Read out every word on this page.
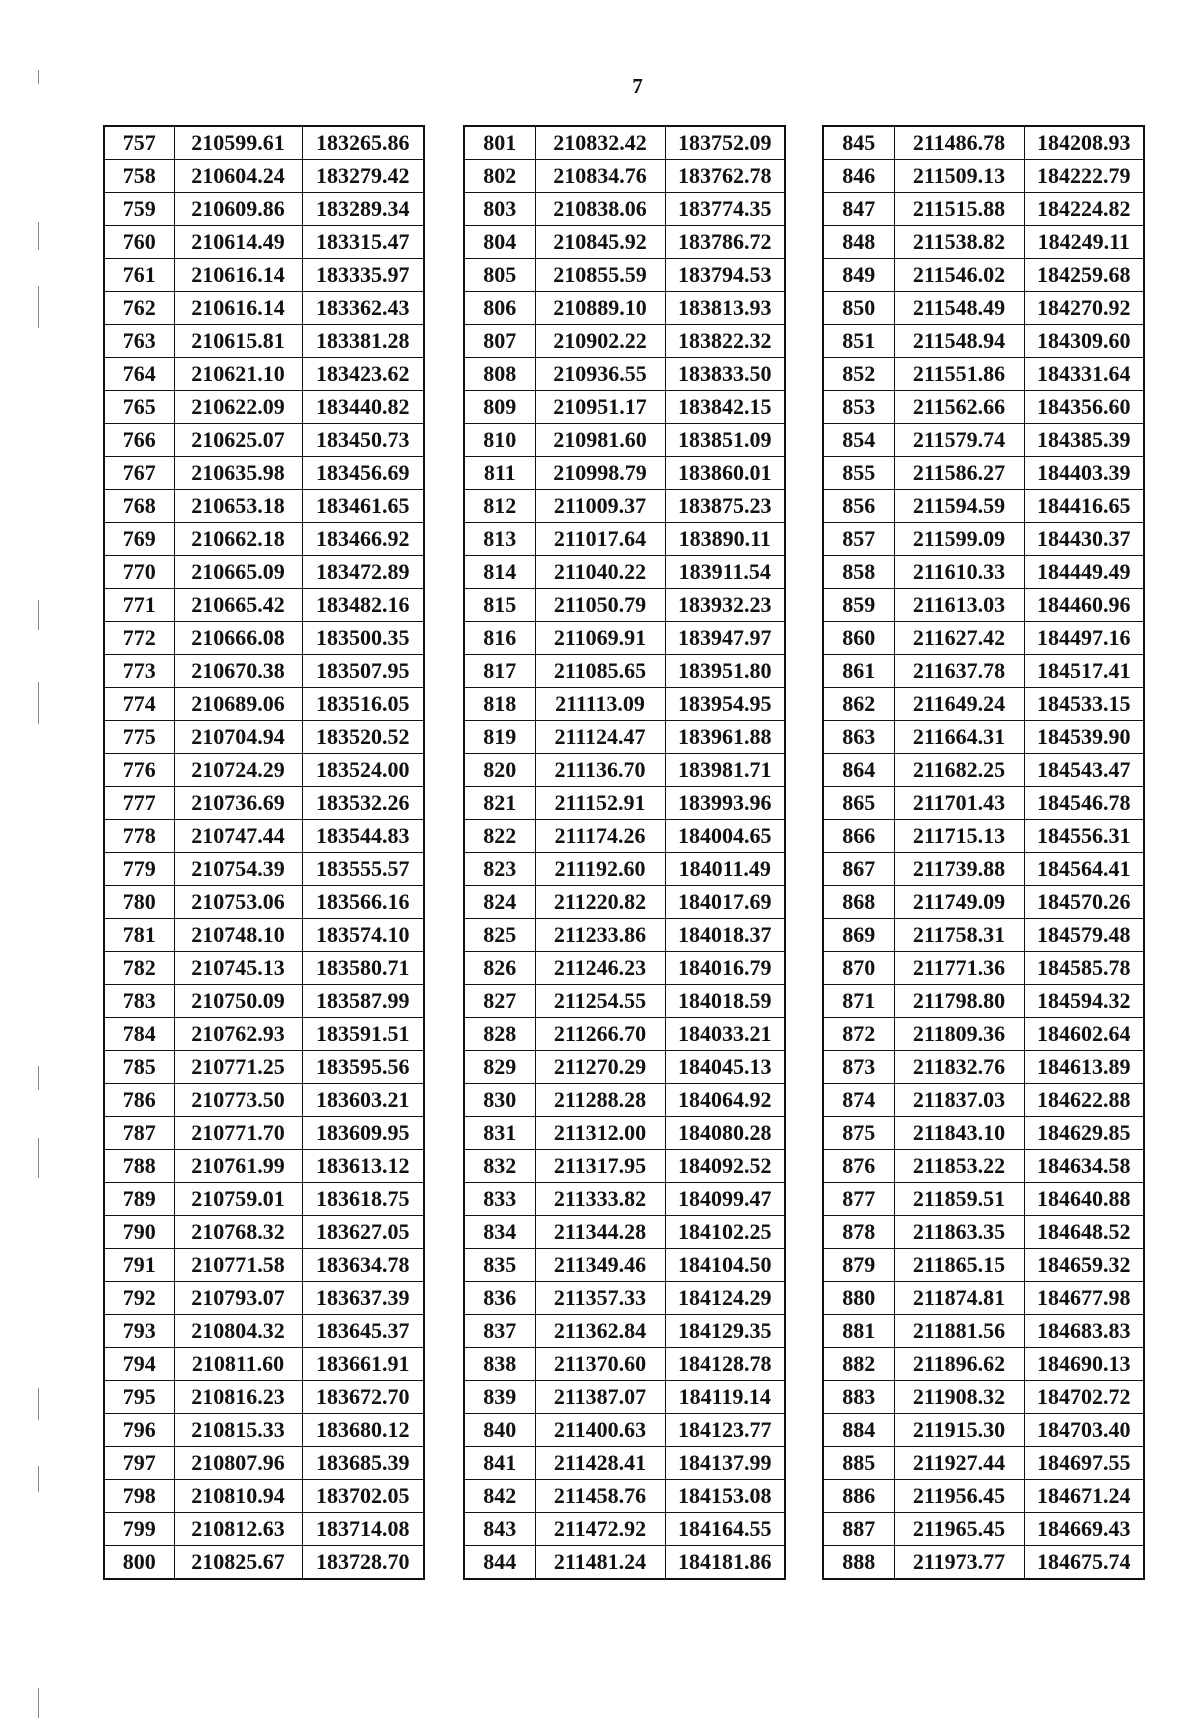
7
757	210599.61	183265.86
758	210604.24	183279.42
759	210609.86	183289.34
760	210614.49	183315.47
761	210616.14	183335.97
762	210616.14	183362.43
763	210615.81	183381.28
764	210621.10	183423.62
765	210622.09	183440.82
766	210625.07	183450.73
767	210635.98	183456.69
768	210653.18	183461.65
769	210662.18	183466.92
770	210665.09	183472.89
771	210665.42	183482.16
772	210666.08	183500.35
773	210670.38	183507.95
774	210689.06	183516.05
775	210704.94	183520.52
776	210724.29	183524.00
777	210736.69	183532.26
778	210747.44	183544.83
779	210754.39	183555.57
780	210753.06	183566.16
781	210748.10	183574.10
782	210745.13	183580.71
783	210750.09	183587.99
784	210762.93	183591.51
785	210771.25	183595.56
786	210773.50	183603.21
787	210771.70	183609.95
788	210761.99	183613.12
789	210759.01	183618.75
790	210768.32	183627.05
791	210771.58	183634.78
792	210793.07	183637.39
793	210804.32	183645.37
794	210811.60	183661.91
795	210816.23	183672.70
796	210815.33	183680.12
797	210807.96	183685.39
798	210810.94	183702.05
799	210812.63	183714.08
800	210825.67	183728.70
801	210832.42	183752.09
802	210834.76	183762.78
803	210838.06	183774.35
804	210845.92	183786.72
805	210855.59	183794.53
806	210889.10	183813.93
807	210902.22	183822.32
808	210936.55	183833.50
809	210951.17	183842.15
810	210981.60	183851.09
811	210998.79	183860.01
812	211009.37	183875.23
813	211017.64	183890.11
814	211040.22	183911.54
815	211050.79	183932.23
816	211069.91	183947.97
817	211085.65	183951.80
818	211113.09	183954.95
819	211124.47	183961.88
820	211136.70	183981.71
821	211152.91	183993.96
822	211174.26	184004.65
823	211192.60	184011.49
824	211220.82	184017.69
825	211233.86	184018.37
826	211246.23	184016.79
827	211254.55	184018.59
828	211266.70	184033.21
829	211270.29	184045.13
830	211288.28	184064.92
831	211312.00	184080.28
832	211317.95	184092.52
833	211333.82	184099.47
834	211344.28	184102.25
835	211349.46	184104.50
836	211357.33	184124.29
837	211362.84	184129.35
838	211370.60	184128.78
839	211387.07	184119.14
840	211400.63	184123.77
841	211428.41	184137.99
842	211458.76	184153.08
843	211472.92	184164.55
844	211481.24	184181.86
845	211486.78	184208.93
846	211509.13	184222.79
847	211515.88	184224.82
848	211538.82	184249.11
849	211546.02	184259.68
850	211548.49	184270.92
851	211548.94	184309.60
852	211551.86	184331.64
853	211562.66	184356.60
854	211579.74	184385.39
855	211586.27	184403.39
856	211594.59	184416.65
857	211599.09	184430.37
858	211610.33	184449.49
859	211613.03	184460.96
860	211627.42	184497.16
861	211637.78	184517.41
862	211649.24	184533.15
863	211664.31	184539.90
864	211682.25	184543.47
865	211701.43	184546.78
866	211715.13	184556.31
867	211739.88	184564.41
868	211749.09	184570.26
869	211758.31	184579.48
870	211771.36	184585.78
871	211798.80	184594.32
872	211809.36	184602.64
873	211832.76	184613.89
874	211837.03	184622.88
875	211843.10	184629.85
876	211853.22	184634.58
877	211859.51	184640.88
878	211863.35	184648.52
879	211865.15	184659.32
880	211874.81	184677.98
881	211881.56	184683.83
882	211896.62	184690.13
883	211908.32	184702.72
884	211915.30	184703.40
885	211927.44	184697.55
886	211956.45	184671.24
887	211965.45	184669.43
888	211973.77	184675.74
